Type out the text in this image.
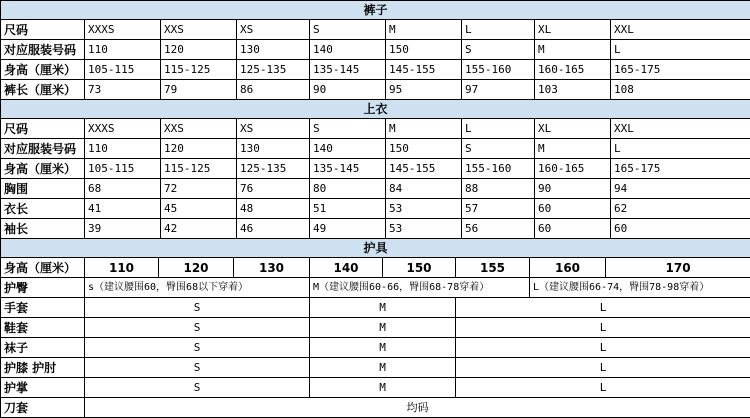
裤子								
尺码	XXXS	XXS	XS	S	M	L	XL	XXL
对应服装号码	110	120	130	140	150	S	M	L
身高（厘米）	105-115	115-125	125-135	135-145	145-155	155-160	160-165	165-175
裤长（厘米）	73	79	86	90	95	97	103	108
上衣								
尺码	XXXS	XXS	XS	S	M	L	XL	XXL
对应服装号码	110	120	130	140	150	S	M	L
身高（厘米）	105-115	115-125	125-135	135-145	145-155	155-160	160-165	165-175
胸围	68	72	76	80	84	88	90	94
衣长	41	45	48	51	53	57	60	62
袖长	39	42	46	49	53	56	60	60
护具								
身高（厘米）	110	120	130	140	150	155	160	170
护臀	s（建议腰围60，臀围68以下穿着）			M（建议腰围60-66，臀围68-78穿着）			L（建议腰围66-74，臀围78-98穿着）	
手套	S			M		L		
鞋套	S			M		L		
袜子	S			M		L		
护膝 护肘	S			M		L		
护掌	S			M		L		
刀套	均码							
